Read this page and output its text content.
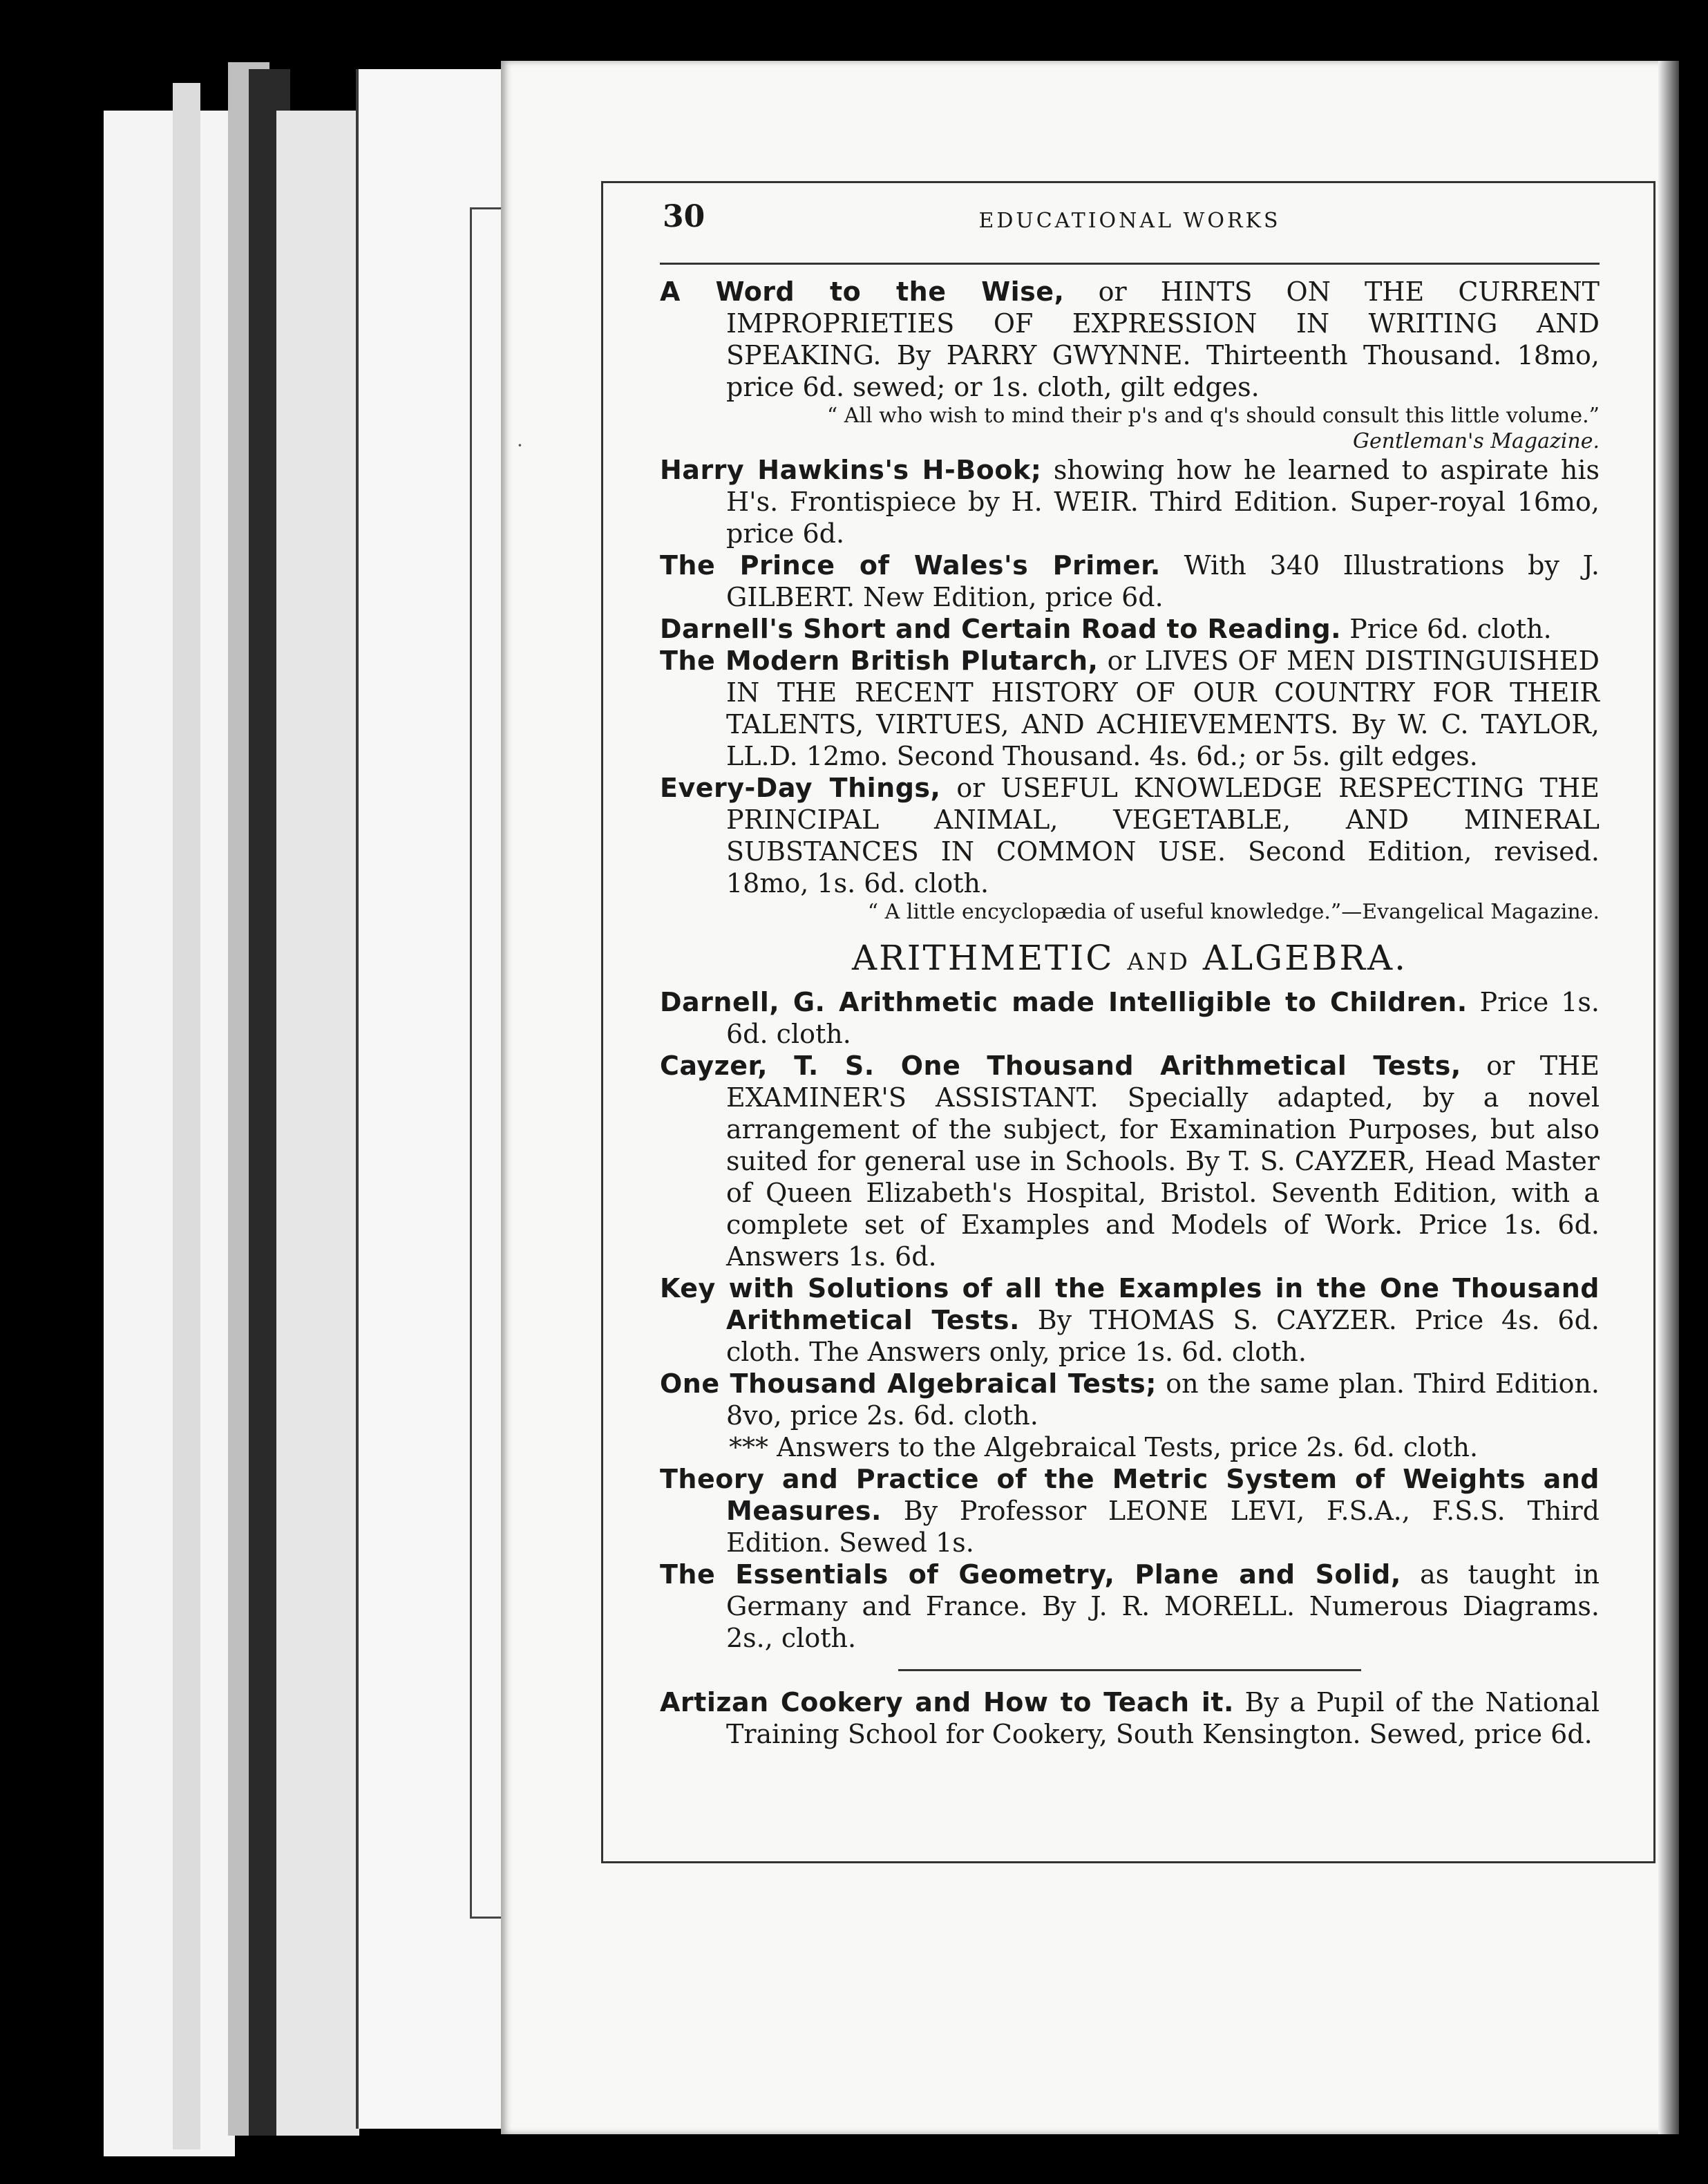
·
30	EDUCATIONAL WORKS

A Word to the Wise, or HINTS ON THE CURRENT IMPROPRIETIES OF EXPRESSION IN WRITING AND SPEAKING. By PARRY GWYNNE. Thirteenth Thousand. 18mo, price 6d. sewed; or 1s. cloth, gilt edges.

“ All who wish to mind their p's and q's should consult this little volume.”

Gentleman's Magazine.

Harry Hawkins's H-Book; showing how he learned to aspirate his H's. Frontispiece by H. WEIR. Third Edition. Super-royal 16mo, price 6d.

The Prince of Wales's Primer. With 340 Illustrations by J. GILBERT. New Edition, price 6d.

Darnell's Short and Certain Road to Reading. Price 6d. cloth.

The Modern British Plutarch, or LIVES OF MEN DISTINGUISHED IN THE RECENT HISTORY OF OUR COUNTRY FOR THEIR TALENTS, VIRTUES, AND ACHIEVEMENTS. By W. C. TAYLOR, LL.D. 12mo. Second Thousand. 4s. 6d.; or 5s. gilt edges.

Every-Day Things, or USEFUL KNOWLEDGE RESPECTING THE PRINCIPAL ANIMAL, VEGETABLE, AND MINERAL SUBSTANCES IN COMMON USE. Second Edition, revised. 18mo, 1s. 6d. cloth.

“ A little encyclopædia of useful knowledge.”—Evangelical Magazine.

ARITHMETIC AND ALGEBRA.

Darnell, G. Arithmetic made Intelligible to Children. Price 1s. 6d. cloth.

Cayzer, T. S. One Thousand Arithmetical Tests, or THE EXAMINER'S ASSISTANT. Specially adapted, by a novel arrangement of the subject, for Examination Purposes, but also suited for general use in Schools. By T. S. CAYZER, Head Master of Queen Elizabeth's Hospital, Bristol. Seventh Edition, with a complete set of Examples and Models of Work. Price 1s. 6d. Answers 1s. 6d.

Key with Solutions of all the Examples in the One Thousand Arithmetical Tests. By THOMAS S. CAYZER. Price 4s. 6d. cloth. The Answers only, price 1s. 6d. cloth.

One Thousand Algebraical Tests; on the same plan. Third Edition. 8vo, price 2s. 6d. cloth.

*** Answers to the Algebraical Tests, price 2s. 6d. cloth.

Theory and Practice of the Metric System of Weights and Measures. By Professor LEONE LEVI, F.S.A., F.S.S. Third Edition. Sewed 1s.

The Essentials of Geometry, Plane and Solid, as taught in Germany and France. By J. R. MORELL. Numerous Diagrams. 2s., cloth.

Artizan Cookery and How to Teach it. By a Pupil of the National Training School for Cookery, South Kensington. Sewed, price 6d.
